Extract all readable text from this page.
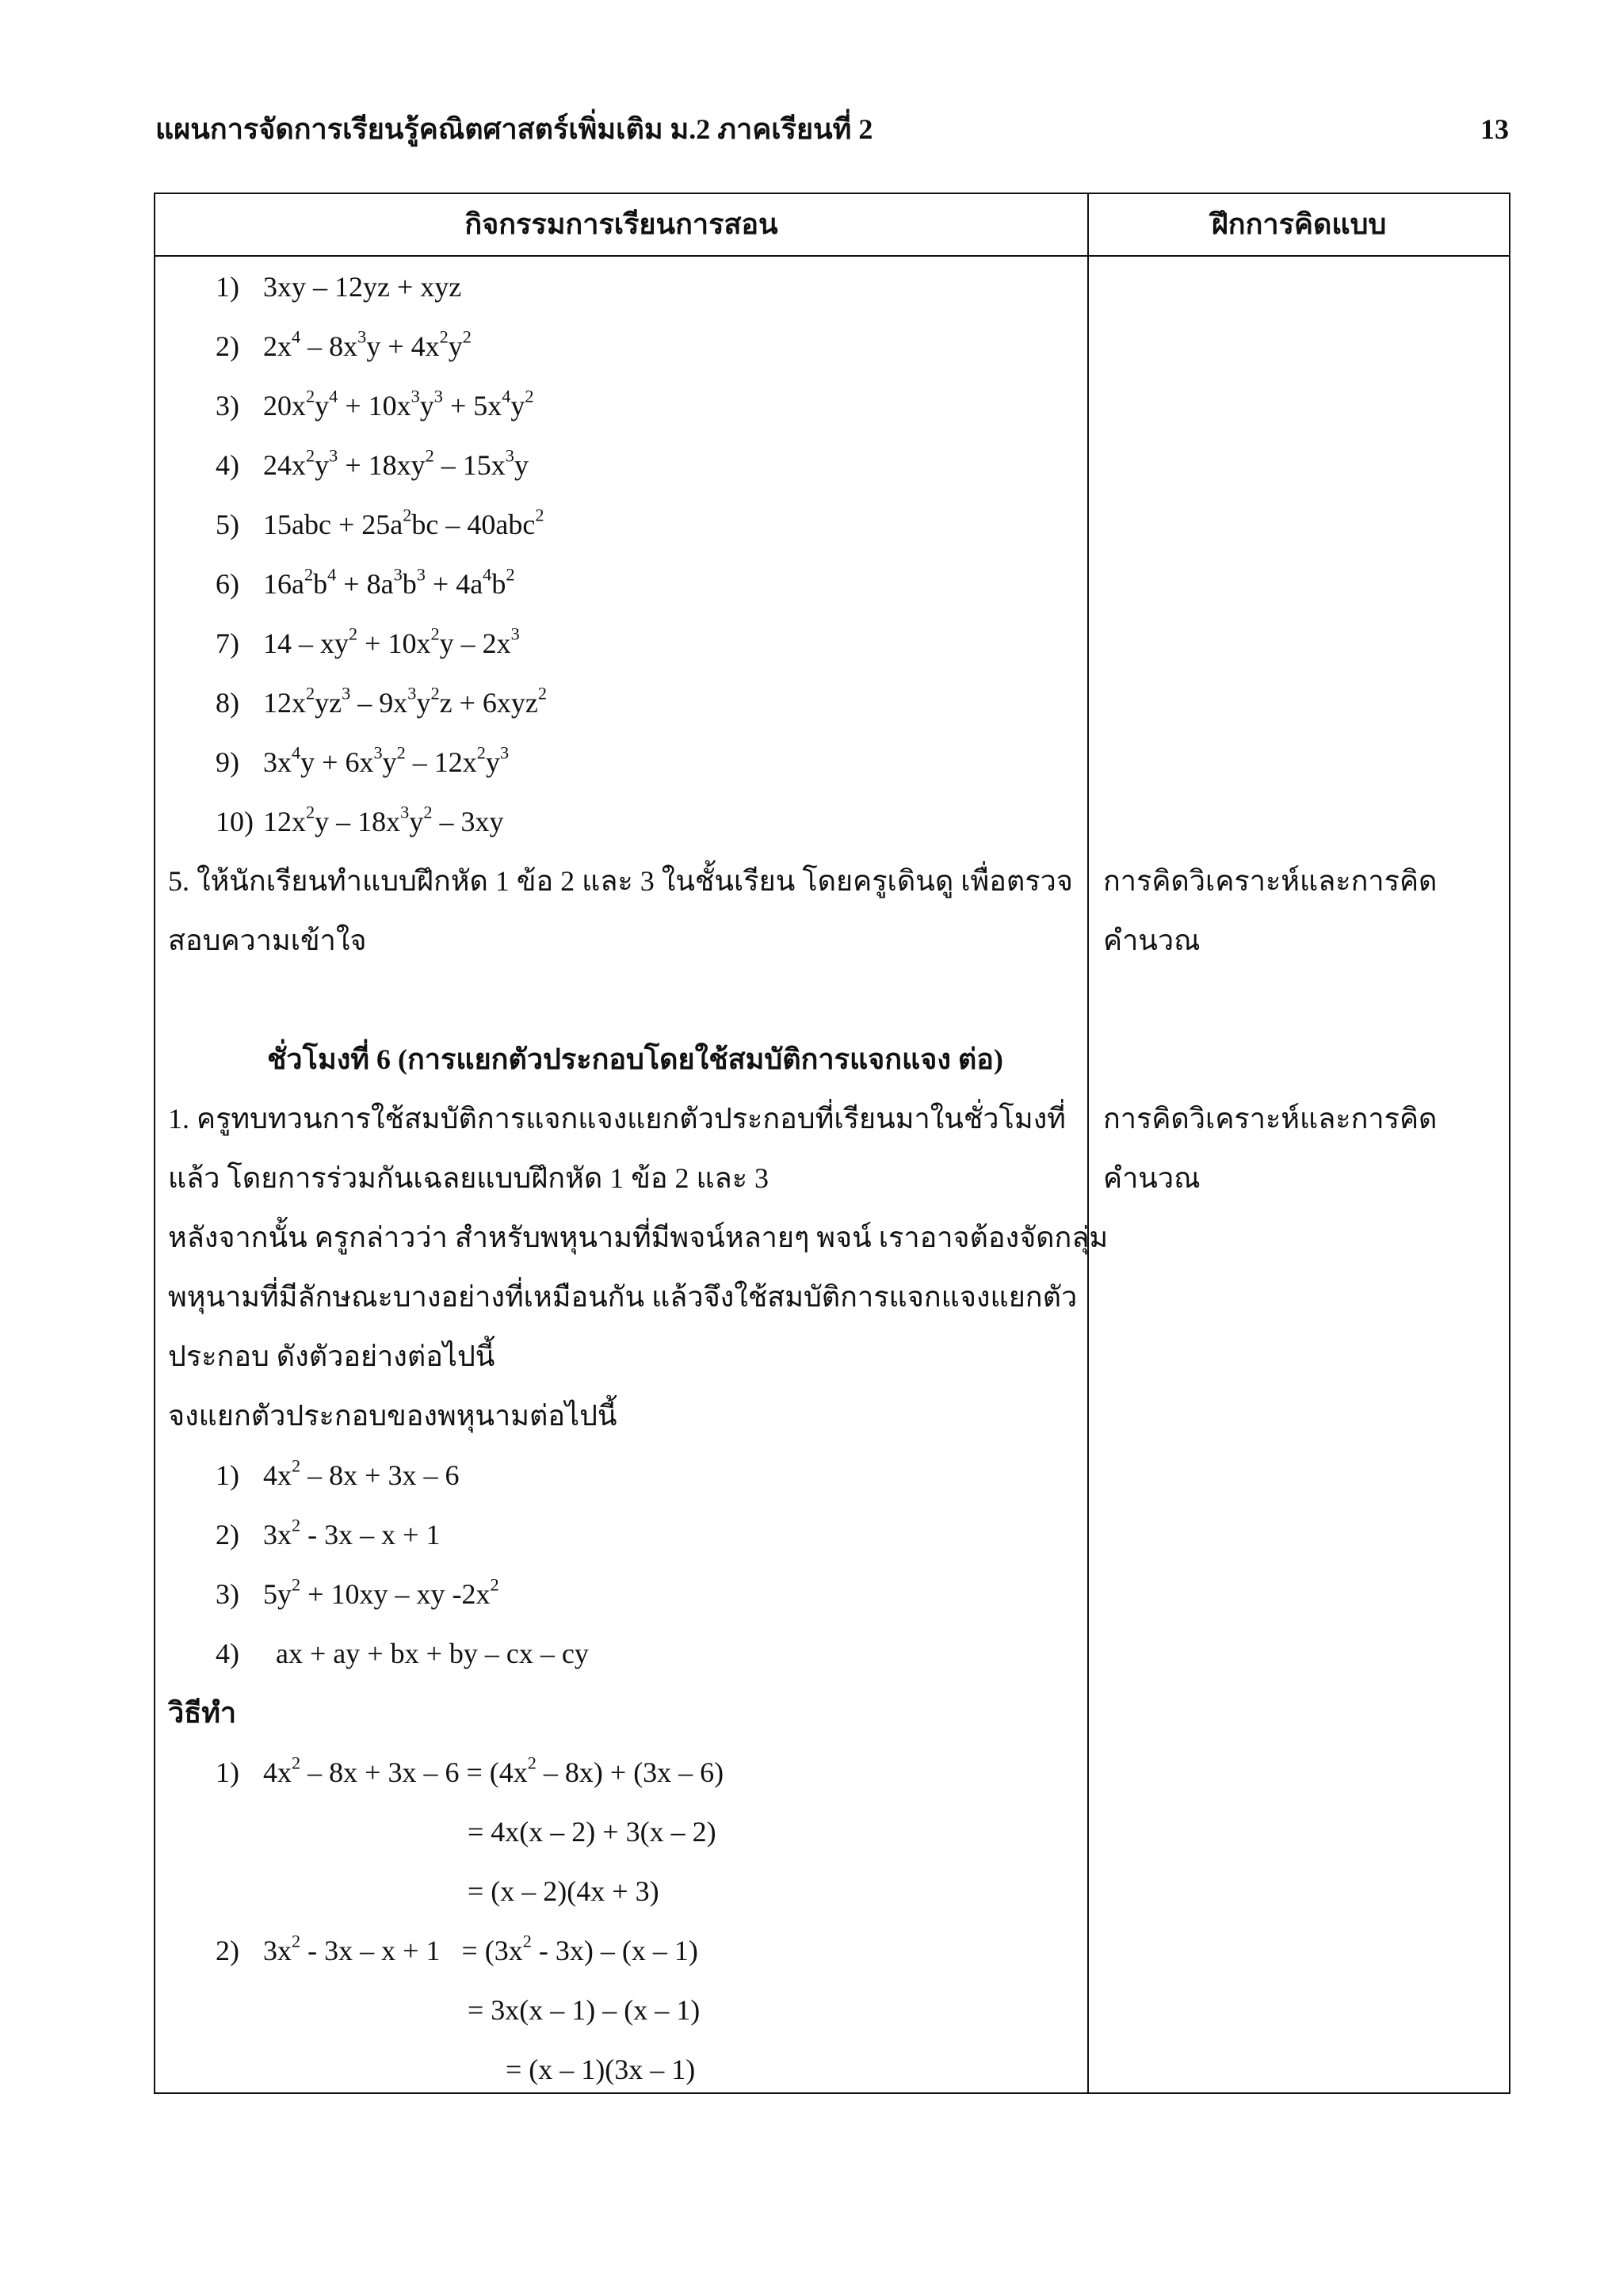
แผนการจัดการเรียนรู้คณิตศาสตร์เพิ่มเติม ม.2 ภาคเรียนที่ 2	13
กิจกรรมการเรียนการสอน	ฝึกการคิดแบบ
1) 3xy – 12yz + xyz
2) $2x^4 - 8x^3y + 4x^2y^2$
3) $20x^2y^4 + 10x^3y^3 + 5x^4y^2$
4) $24x^2y^3 + 18xy^2 - 15x^3y$
5) $15abc + 25a^2bc - 40abc^2$
6) $16a^2b^4 + 8a^3b^3 + 4a^4b^2$
7) $14 - xy^2 + 10x^2y - 2x^3$
8) $12x^2yz^3 - 9x^3y^2z + 6xyz^2$
9) $3x^4y + 6x^3y^2 - 12x^2y^3$
10) $12x^2y - 18x^3y^2 - 3xy$
5. ให้นักเรียนทำแบบฝึกหัด 1 ข้อ 2 และ 3 ในชั้นเรียน โดยครูเดินดู เพื่อตรวจ
สอบความเข้าใจ
การคิดวิเคราะห์และการคิด
คำนวณ
ชั่วโมงที่ 6 (การแยกตัวประกอบโดยใช้สมบัติการแจกแจง ต่อ)
1. ครูทบทวนการใช้สมบัติการแจกแจงแยกตัวประกอบที่เรียนมาในชั่วโมงที่
แล้ว โดยการร่วมกันเฉลยแบบฝึกหัด 1 ข้อ 2 และ 3
หลังจากนั้น ครูกล่าวว่า สำหรับพหุนามที่มีพจน์หลายๆ พจน์ เราอาจต้องจัดกลุ่ม
พหุนามที่มีลักษณะบางอย่างที่เหมือนกัน แล้วจึงใช้สมบัติการแจกแจงแยกตัว
ประกอบ ดังตัวอย่างต่อไปนี้
จงแยกตัวประกอบของพหุนามต่อไปนี้
การคิดวิเคราะห์และการคิด
คำนวณ
1) $4x^2 - 8x + 3x - 6$
2) $3x^2 - 3x - x + 1$
3) $5y^2 + 10xy$ – xy $-2x^2$
4) ax + ay + bx + by – cx – cy
วิธีทำ
1) $4x^2 - 8x + 3x - 6 = (4x^2 - 8x) + (3x - 6)$
= 4x(x – 2) + 3(x – 2)
= (x – 2)(4x + 3)
2) $3x^2 - 3x - x + 1 = (3x^2 - 3x) - (x - 1)$
= 3x(x – 1) – (x – 1)
= (x – 1)(3x – 1)
